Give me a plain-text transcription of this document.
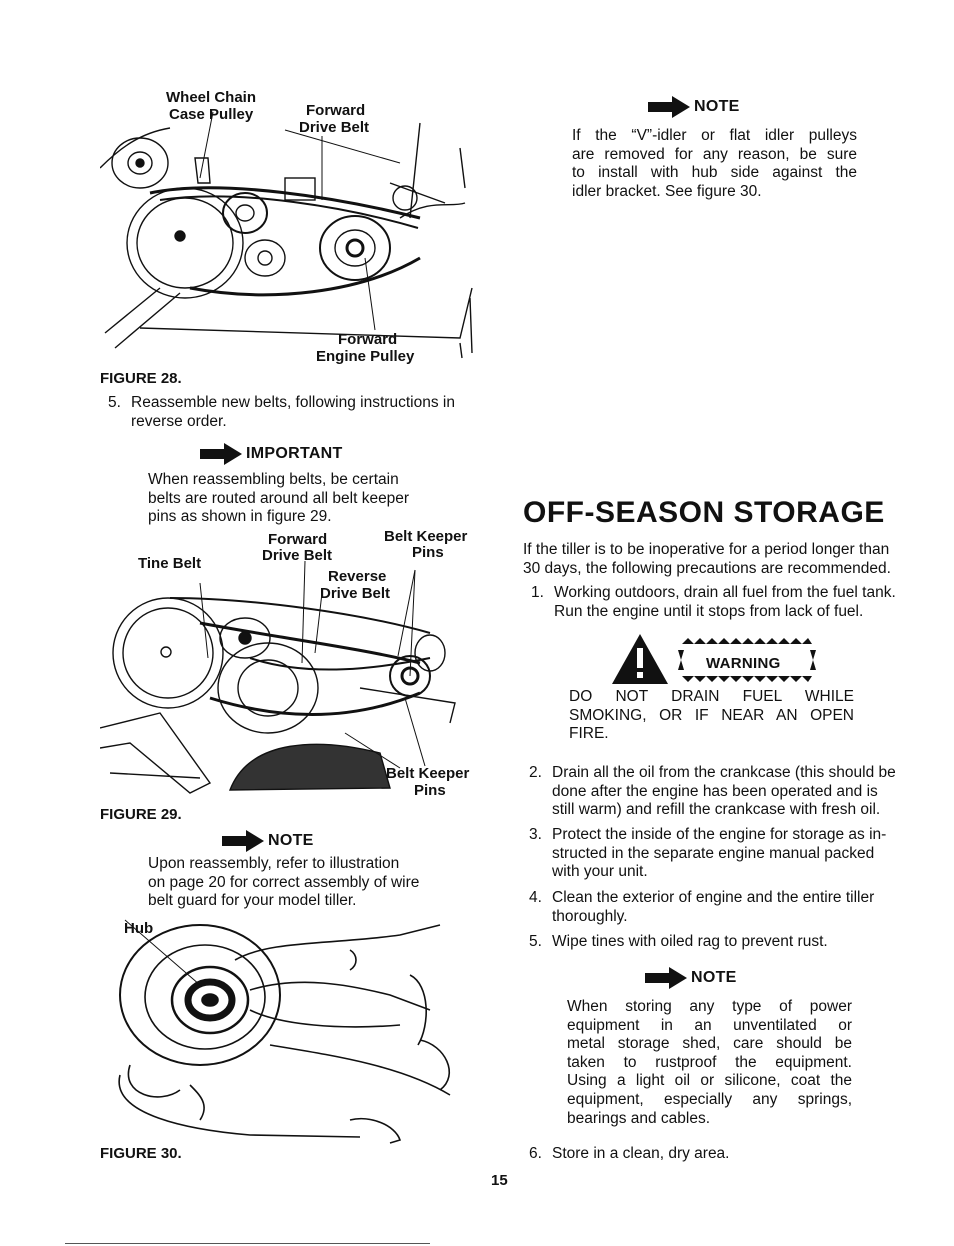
Wheel Chain
Case Pulley	Forward
Drive Belt
Forward
Engine Pulley
FIGURE 28.
5. Reassemble new belts, following instructions in
reverse order.
IMPORTANT
When reassembling belts, be certain
belts are routed around all belt keeper
pins as shown in figure 29.
Forward
Drive Belt
Belt Keeper
Pins
Tine Belt
Reverse
Drive Belt
Belt Keeper
Pins
FIGURE 29.
NOTE
Upon reassembly, refer to illustration
on page 20 for correct assembly of wire
belt guard for your model tiller.
Hub
FIGURE 30.
NOTE
If the “V”-idler or flat idler pulleys
are removed for any reason, be sure
to install with hub side against the
idler bracket. See figure 30.
OFF-SEASON STORAGE
If the tiller is to be inoperative for a period longer than
30 days, the following precautions are recommended.
1. Working outdoors, drain all fuel from the fuel tank.
Run the engine until it stops from lack of fuel.
WARNING
DO NOT DRAIN FUEL WHILE
SMOKING, OR IF NEAR AN OPEN
FIRE.
2. Drain all the oil from the crankcase (this should be
done after the engine has been operated and is
still warm) and refill the crankcase with fresh oil.
3. Protect the inside of the engine for storage as in-
structed in the separate engine manual packed
with your unit.
4. Clean the exterior of engine and the entire tiller
thoroughly.
5. Wipe tines with oiled rag to prevent rust.
NOTE
When storing any type of power
equipment in an unventilated or
metal storage shed, care should be
taken to rustproof the equipment.
Using a light oil or silicone, coat the
equipment, especially any springs,
bearings and cables.
6. Store in a clean, dry area.
15
